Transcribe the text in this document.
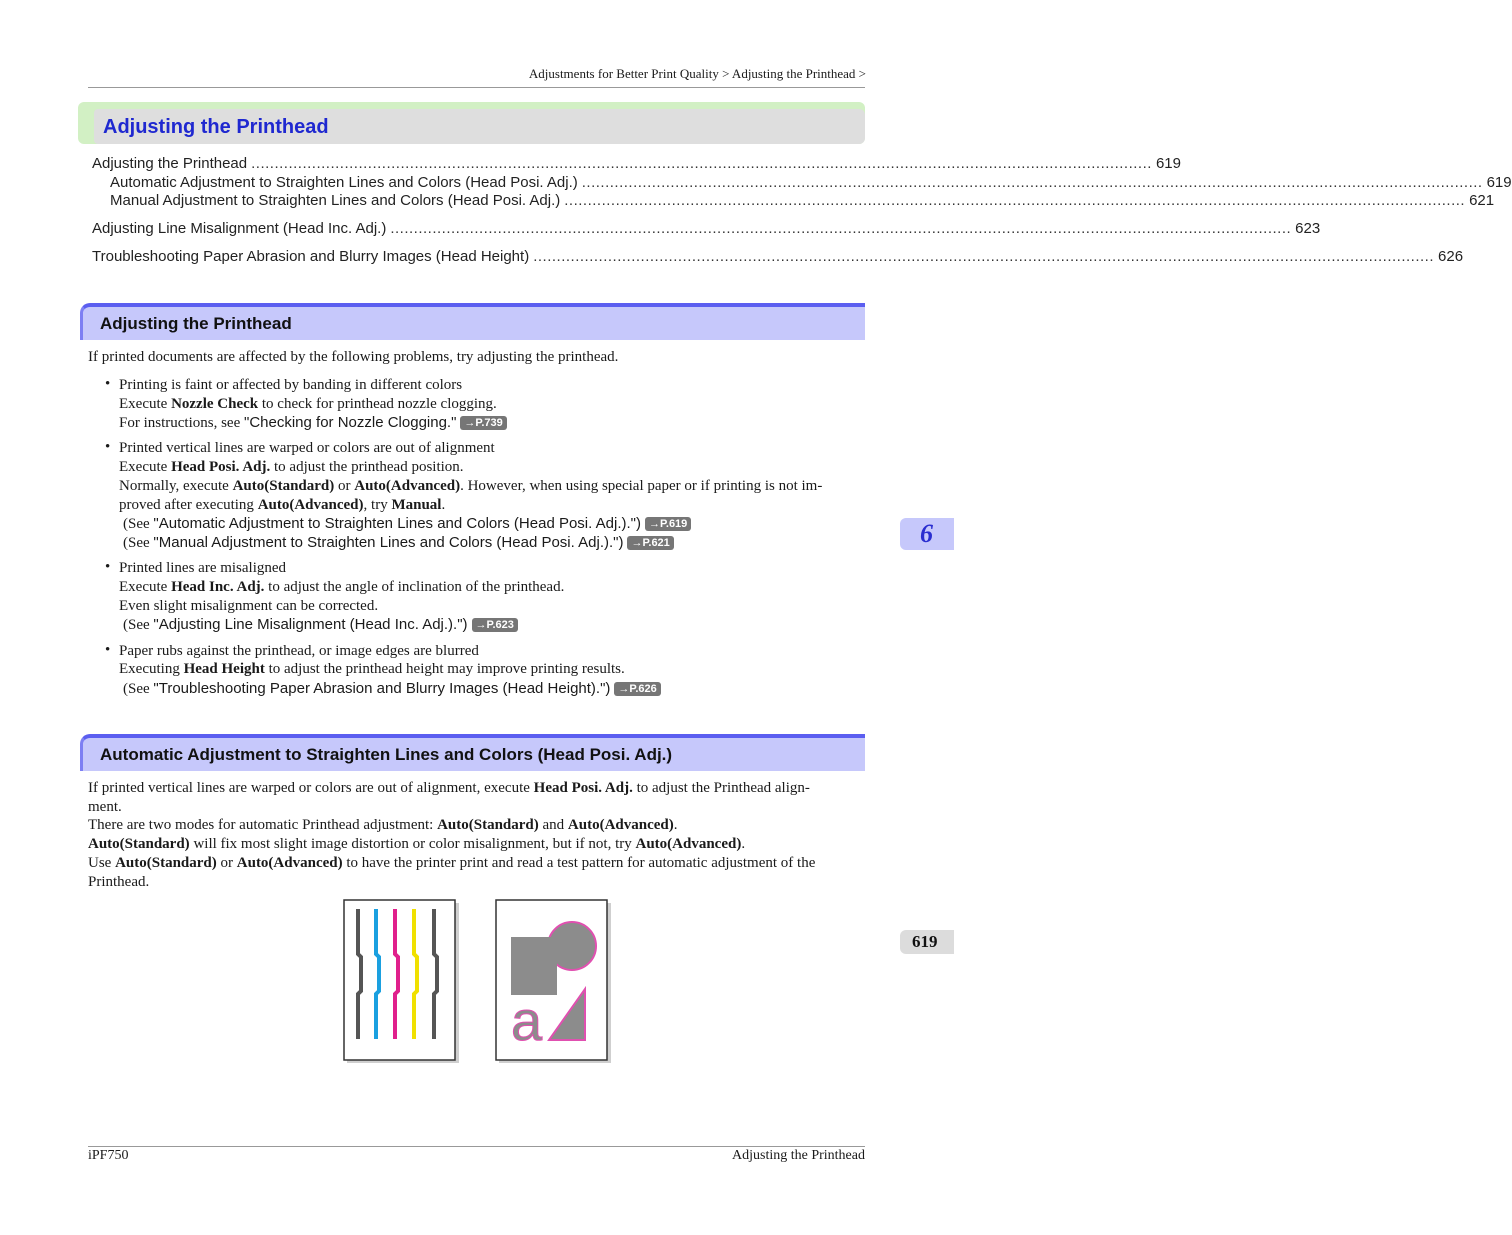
Adjustments for Better Print Quality > Adjusting the Printhead >
Adjusting the Printhead
Adjusting the Printhead ................................................................................................................................................................................................. 619
Automatic Adjustment to Straighten Lines and Colors (Head Posi. Adj.) ................................................................................................................................................................................................. 619
Manual Adjustment to Straighten Lines and Colors (Head Posi. Adj.) ................................................................................................................................................................................................. 621
Adjusting Line Misalignment (Head Inc. Adj.) ................................................................................................................................................................................................. 623
Troubleshooting Paper Abrasion and Blurry Images (Head Height) ................................................................................................................................................................................................. 626
Adjusting the Printhead
If printed documents are affected by the following problems, try adjusting the printhead.
• Printing is faint or affected by banding in different colors
Execute Nozzle Check to check for printhead nozzle clogging.
For instructions, see "Checking for Nozzle Clogging." →P.739
• Printed vertical lines are warped or colors are out of alignment
Execute Head Posi. Adj. to adjust the printhead position.
Normally, execute Auto(Standard) or Auto(Advanced). However, when using special paper or if printing is not im-
proved after executing Auto(Advanced), try Manual.
(See "Automatic Adjustment to Straighten Lines and Colors (Head Posi. Adj.).") →P.619
(See "Manual Adjustment to Straighten Lines and Colors (Head Posi. Adj.).") →P.621
• Printed lines are misaligned
Execute Head Inc. Adj. to adjust the angle of inclination of the printhead.
Even slight misalignment can be corrected.
(See "Adjusting Line Misalignment (Head Inc. Adj.).") →P.623
• Paper rubs against the printhead, or image edges are blurred
Executing Head Height to adjust the printhead height may improve printing results.
(See "Troubleshooting Paper Abrasion and Blurry Images (Head Height).") →P.626
Automatic Adjustment to Straighten Lines and Colors (Head Posi. Adj.)
If printed vertical lines are warped or colors are out of alignment, execute Head Posi. Adj. to adjust the Printhead align-
ment.
There are two modes for automatic Printhead adjustment: Auto(Standard) and Auto(Advanced).
Auto(Standard) will fix most slight image distortion or color misalignment, but if not, try Auto(Advanced).
Use Auto(Standard) or Auto(Advanced) to have the printer print and read a test pattern for automatic adjustment of the
Printhead.
a
6
619
iPF750	Adjusting the Printhead
